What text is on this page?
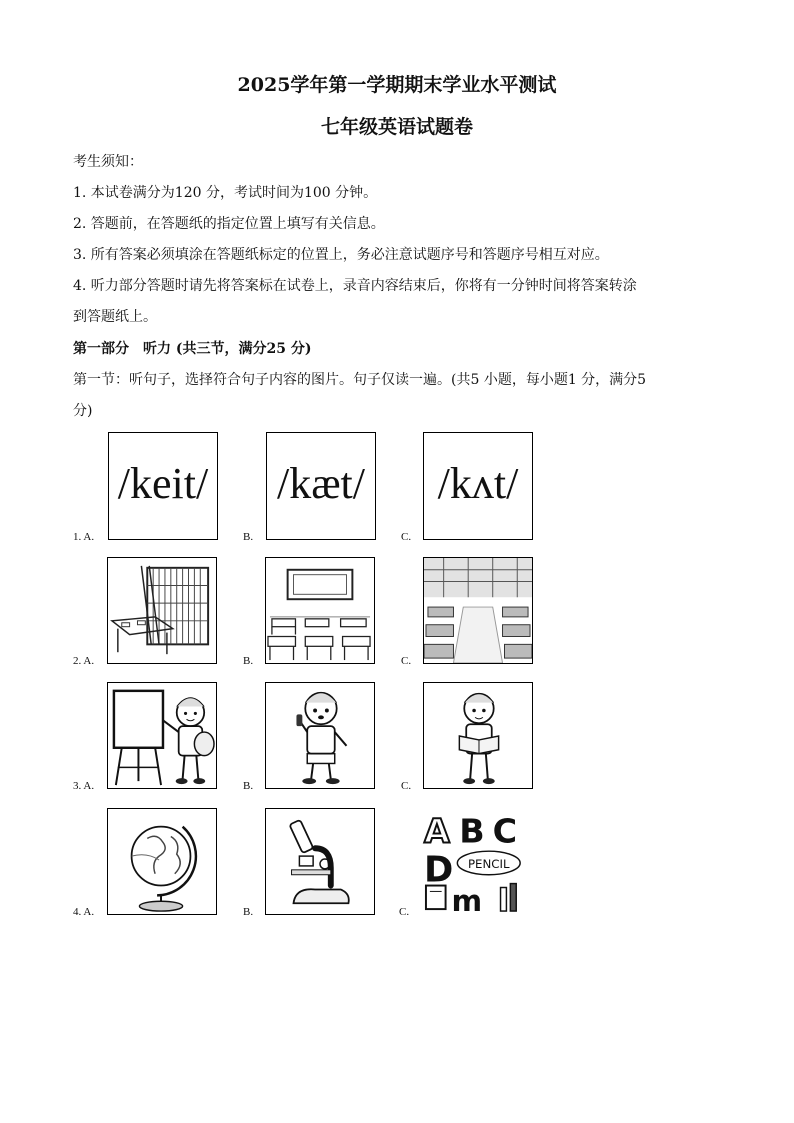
2025学年第一学期期末学业水平测试
七年级英语试题卷
考生须知：
1. 本试卷满分为120 分，考试时间为100 分钟。
2. 答题前，在答题纸的指定位置上填写有关信息。
3. 所有答案必须填涂在答题纸标定的位置上，务必注意试题序号和答题序号相互对应。
4. 听力部分答题时请先将答案标在试卷上，录音内容结束后，你将有一分钟时间将答案转涂
到答题纸上。
第一部分　听力 (共三节，满分25 分)
第一节：听句子，选择符合句子内容的图片。句子仅读一遍。(共5 小题，每小题1 分，满分5
分)
/keit/ /kæt/	/kʌt/
1. A.	B.	C.
2. A.	B.	C.
3. A.	B.	C.
A B C
D PENCIL
m
4. A.	B.	C.
